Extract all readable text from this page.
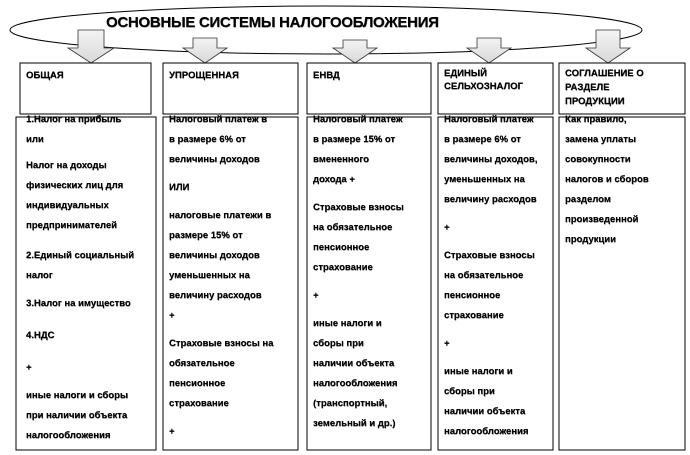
ОСНОВНЫЕ СИСТЕМЫ НАЛОГООБЛОЖЕНИЯ
ОБЩАЯ
1.Налог на прибыль
или
Налог на доходы
физических лиц для
индивидуальных
предпринимателей
2.Единый социальный
налог
3.Налог на имущество
4.НДС
+
иные налоги и сборы
при наличии объекта
налогообложения
УПРОЩЕННАЯ
Налоговый платеж в
в размере 6% от
величины доходов
ИЛИ
налоговые платежи в
размере 15% от
величины доходов
уменьшенных на
величину расходов
+
Страховые взносы на
обязательное
пенсионное
страхование
+
ЕНВД
Налоговый платеж
в размере 15% от
вмененного
дохода +
Страховые взносы
на обязательное
пенсионное
страхование
+
иные налоги и
сборы при
наличии объекта
налогообложения
(транспортный,
земельный и др.)
ЕДИНЫЙ
СЕЛЬХОЗНАЛОГ
Налоговый платеж
в размере 6% от
величины доходов,
уменьшенных на
величину расходов
+
Страховые взносы
на обязательное
пенсионное
страхование
+
иные налоги и
сборы при
наличии объекта
налогообложения
СОГЛАШЕНИЕ О
РАЗДЕЛЕ
ПРОДУКЦИИ
Как правило,
замена уплаты
совокупности
налогов и сборов
разделом
произведенной
продукции
